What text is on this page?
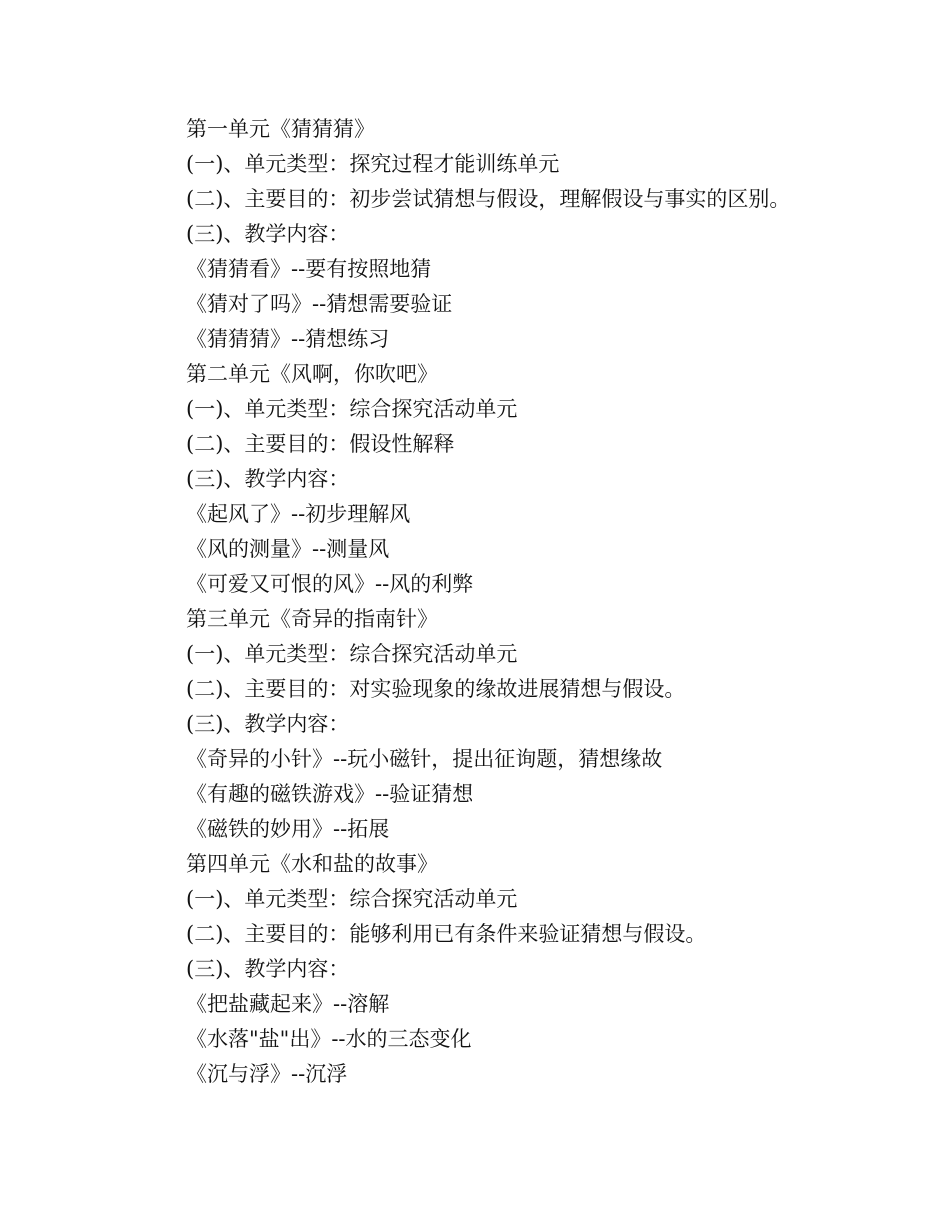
第一单元《猜猜猜》
(一)、单元类型：探究过程才能训练单元
(二)、主要目的：初步尝试猜想与假设，理解假设与事实的区别。
(三)、教学内容：
《猜猜看》--要有按照地猜
《猜对了吗》--猜想需要验证
《猜猜猜》--猜想练习
第二单元《风啊，你吹吧》
(一)、单元类型：综合探究活动单元
(二)、主要目的：假设性解释
(三)、教学内容：
《起风了》--初步理解风
《风的测量》--测量风
《可爱又可恨的风》--风的利弊
第三单元《奇异的指南针》
(一)、单元类型：综合探究活动单元
(二)、主要目的：对实验现象的缘故进展猜想与假设。
(三)、教学内容：
《奇异的小针》--玩小磁针，提出征询题，猜想缘故
《有趣的磁铁游戏》--验证猜想
《磁铁的妙用》--拓展
第四单元《水和盐的故事》
(一)、单元类型：综合探究活动单元
(二)、主要目的：能够利用已有条件来验证猜想与假设。
(三)、教学内容：
《把盐藏起来》--溶解
《水落"盐"出》--水的三态变化
《沉与浮》--沉浮
